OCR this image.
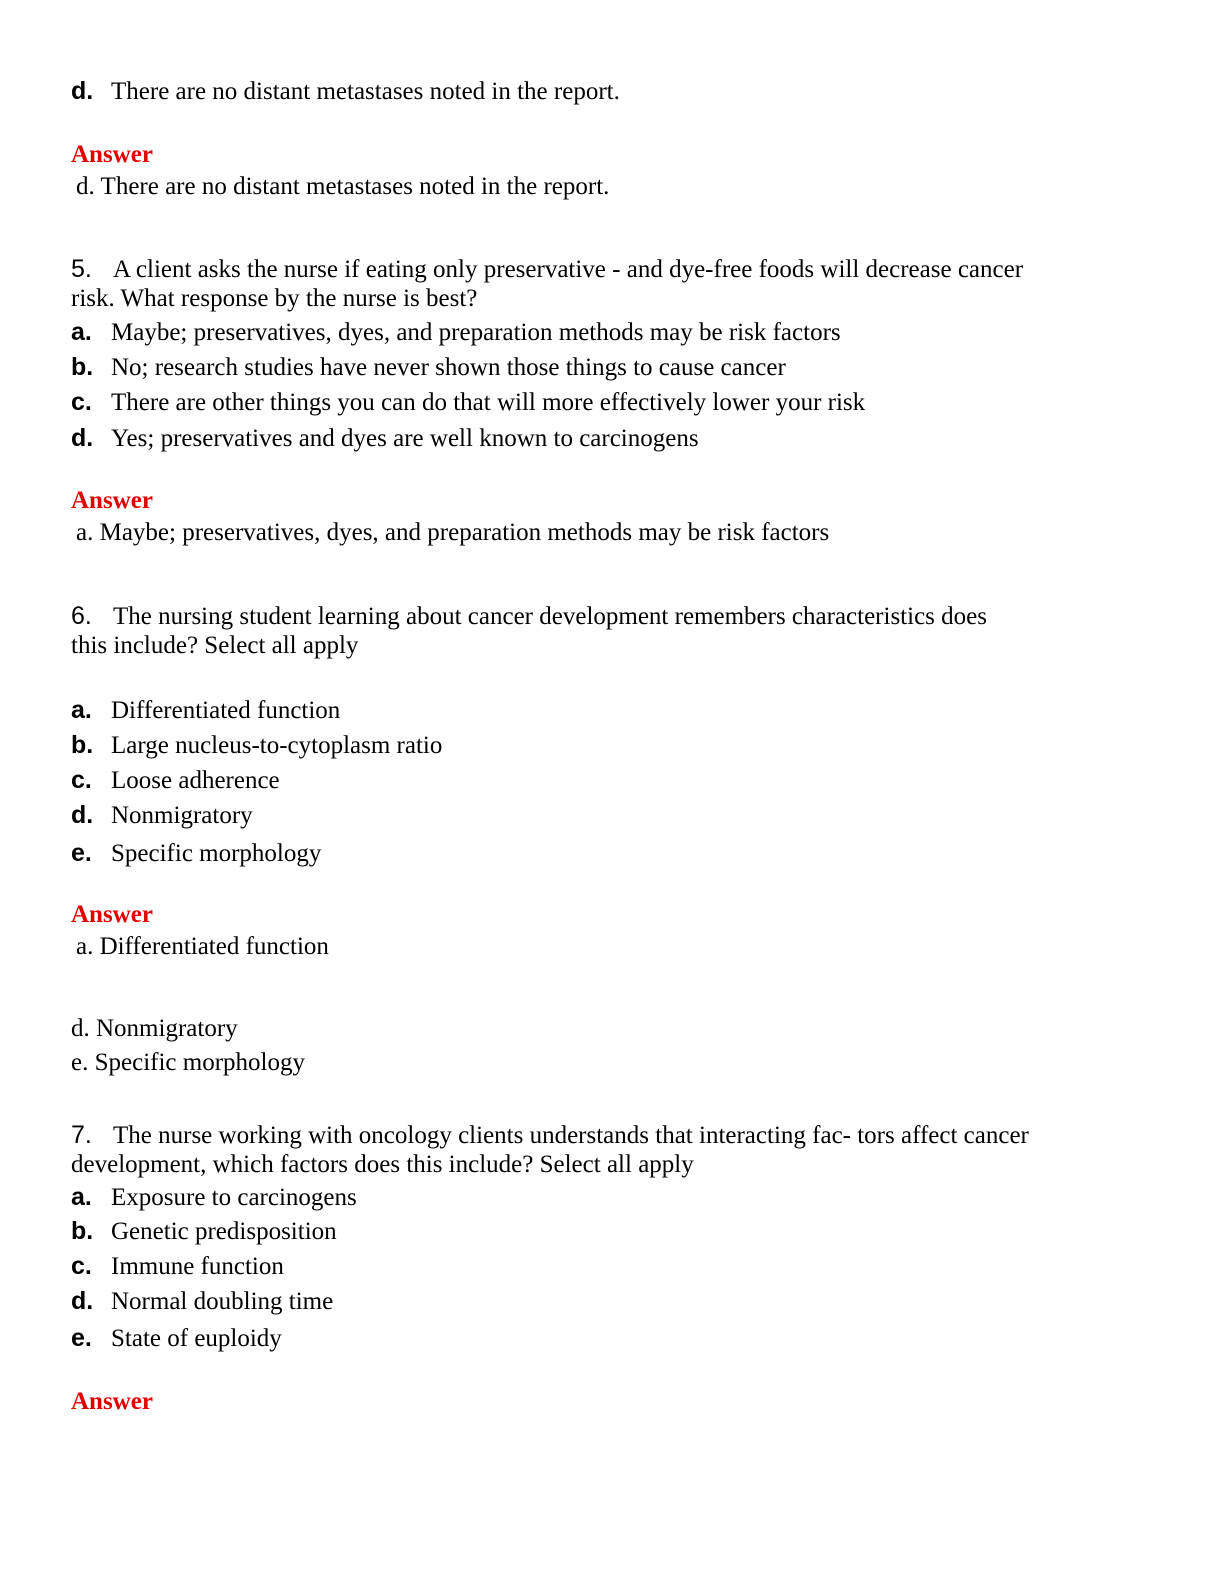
d. There are no distant metastases noted in the report.
Answer
d. There are no distant metastases noted in the report.
5. A client asks the nurse if eating only preservative - and dye-free foods will decrease cancer
risk. What response by the nurse is best?
a. Maybe; preservatives, dyes, and preparation methods may be risk factors
b. No; research studies have never shown those things to cause cancer
c. There are other things you can do that will more effectively lower your risk
d. Yes; preservatives and dyes are well known to carcinogens
Answer
a. Maybe; preservatives, dyes, and preparation methods may be risk factors
6. The nursing student learning about cancer development remembers characteristics does
this include? Select all apply
a. Differentiated function
b. Large nucleus-to-cytoplasm ratio
c. Loose adherence
d. Nonmigratory
e. Specific morphology
Answer
a. Differentiated function
d. Nonmigratory
e. Specific morphology
7. The nurse working with oncology clients understands that interacting fac- tors affect cancer
development, which factors does this include? Select all apply
a. Exposure to carcinogens
b. Genetic predisposition
c. Immune function
d. Normal doubling time
e. State of euploidy
Answer
